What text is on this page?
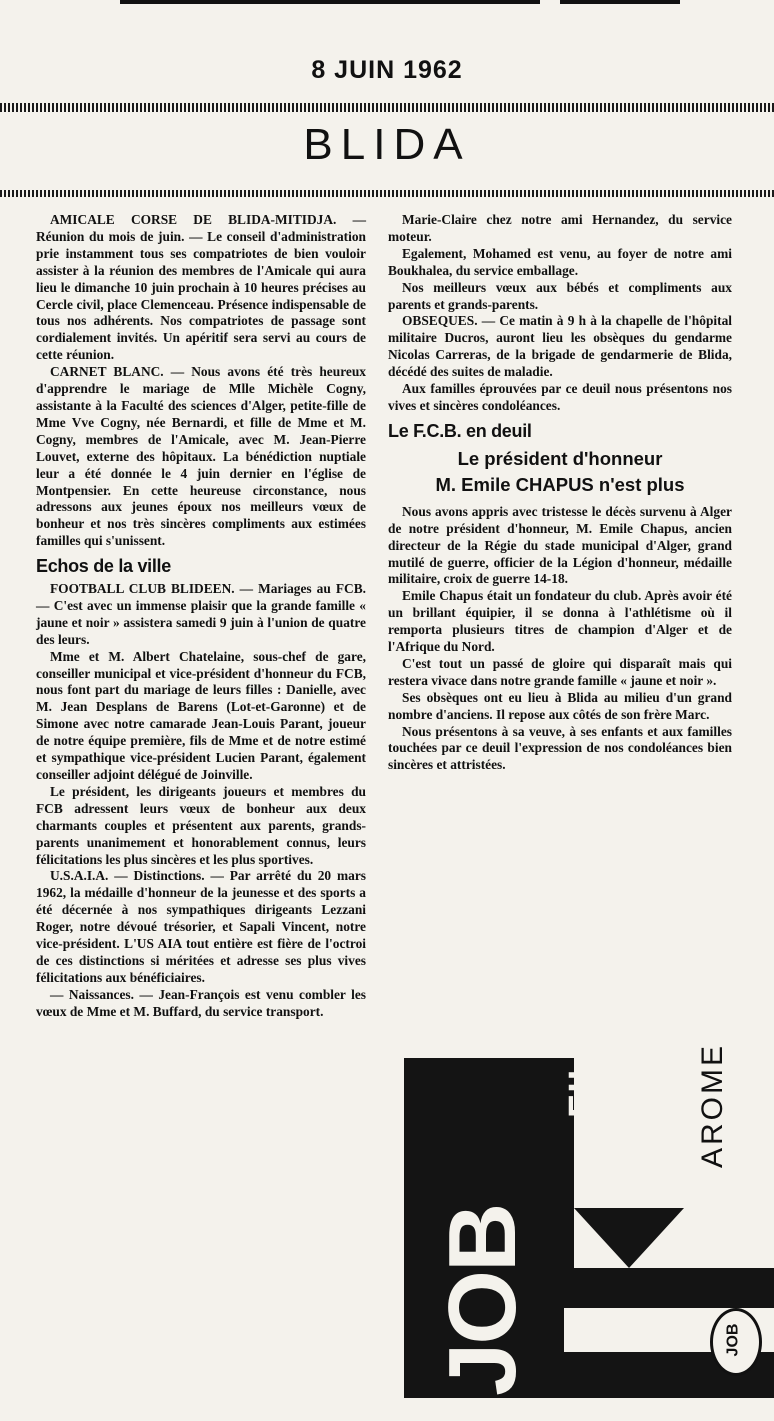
8 JUIN 1962
BLIDA

AMICALE CORSE DE BLIDA-MITIDJA. — Réunion du mois de juin. — Le conseil d'administration prie instamment tous ses compatriotes de bien vouloir assister à la réunion des membres de l'Amicale qui aura lieu le dimanche 10 juin prochain à 10 heures précises au Cercle civil, place Clemenceau. Présence indispensable de tous nos adhérents. Nos compatriotes de passage sont cordialement invités. Un apéritif sera servi au cours de cette réunion.

CARNET BLANC. — Nous avons été très heureux d'apprendre le mariage de Mlle Michèle Cogny, assistante à la Faculté des sciences d'Alger, petite-fille de Mme Vve Cogny, née Bernardi, et fille de Mme et M. Cogny, membres de l'Amicale, avec M. Jean-Pierre Louvet, externe des hôpitaux. La bénédiction nuptiale leur a été donnée le 4 juin dernier en l'église de Montpensier. En cette heureuse circonstance, nous adressons aux jeunes époux nos meilleurs vœux de bonheur et nos très sincères compliments aux estimées familles qui s'unissent.

Echos de la ville

FOOTBALL CLUB BLIDEEN. — Mariages au FCB. — C'est avec un immense plaisir que la grande famille « jaune et noir » assistera samedi 9 juin à l'union de quatre des leurs.

Mme et M. Albert Chatelaine, sous-chef de gare, conseiller municipal et vice-président d'honneur du FCB, nous font part du mariage de leurs filles : Danielle, avec M. Jean Desplans de Barens (Lot-et-Garonne) et de Simone avec notre camarade Jean-Louis Parant, joueur de notre équipe première, fils de Mme et de notre estimé et sympathique vice-président Lucien Parant, également conseiller adjoint délégué de Joinville.

Le président, les dirigeants joueurs et membres du FCB adressent leurs vœux de bonheur aux deux charmants couples et présentent aux parents, grands-parents unanimement et honorablement connus, leurs félicitations les plus sincères et les plus sportives.

U.S.A.I.A. — Distinctions. — Par arrêté du 20 mars 1962, la médaille d'honneur de la jeunesse et des sports a été décernée à nos sympathiques dirigeants Lezzani Roger, notre dévoué trésorier, et Sapali Vincent, notre vice-président. L'US AIA tout entière est fière de l'octroi de ces distinctions si méritées et adresse ses plus vives félicitations aux bénéficiaires.

— Naissances. — Jean-François est venu combler les vœux de Mme et M. Buffard, du service transport.

Marie-Claire chez notre ami Hernandez, du service moteur.

Egalement, Mohamed est venu, au foyer de notre ami Boukhalea, du service emballage.

Nos meilleurs vœux aux bébés et compliments aux parents et grands-parents.

OBSEQUES. — Ce matin à 9 h à la chapelle de l'hôpital militaire Ducros, auront lieu les obsèques du gendarme Nicolas Carreras, de la brigade de gendarmerie de Blida, décédé des suites de maladie.

Aux familles éprouvées par ce deuil nous présentons nos vives et sincères condoléances.

Le F.C.B. en deuil
Le président d'honneur
M. Emile CHAPUS n'est plus

Nous avons appris avec tristesse le décès survenu à Alger de notre président d'honneur, M. Emile Chapus, ancien directeur de la Régie du stade municipal d'Alger, grand mutilé de guerre, officier de la Légion d'honneur, médaille militaire, croix de guerre 14-18.

Emile Chapus était un fondateur du club. Après avoir été un brillant équipier, il se donna à l'athlétisme où il remporta plusieurs titres de champion d'Alger et de l'Afrique du Nord.

C'est tout un passé de gloire qui disparaît mais qui restera vivace dans notre grande famille « jaune et noir ».

Ses obsèques ont eu lieu à Blida au milieu d'un grand nombre d'anciens. Il repose aux côtés de son frère Marc.

Nous présentons à sa veuve, à ses enfants et aux familles touchées par ce deuil l'expression de nos condoléances bien sincères et attristées.

FILTRE	AROME
JOB	JOB
